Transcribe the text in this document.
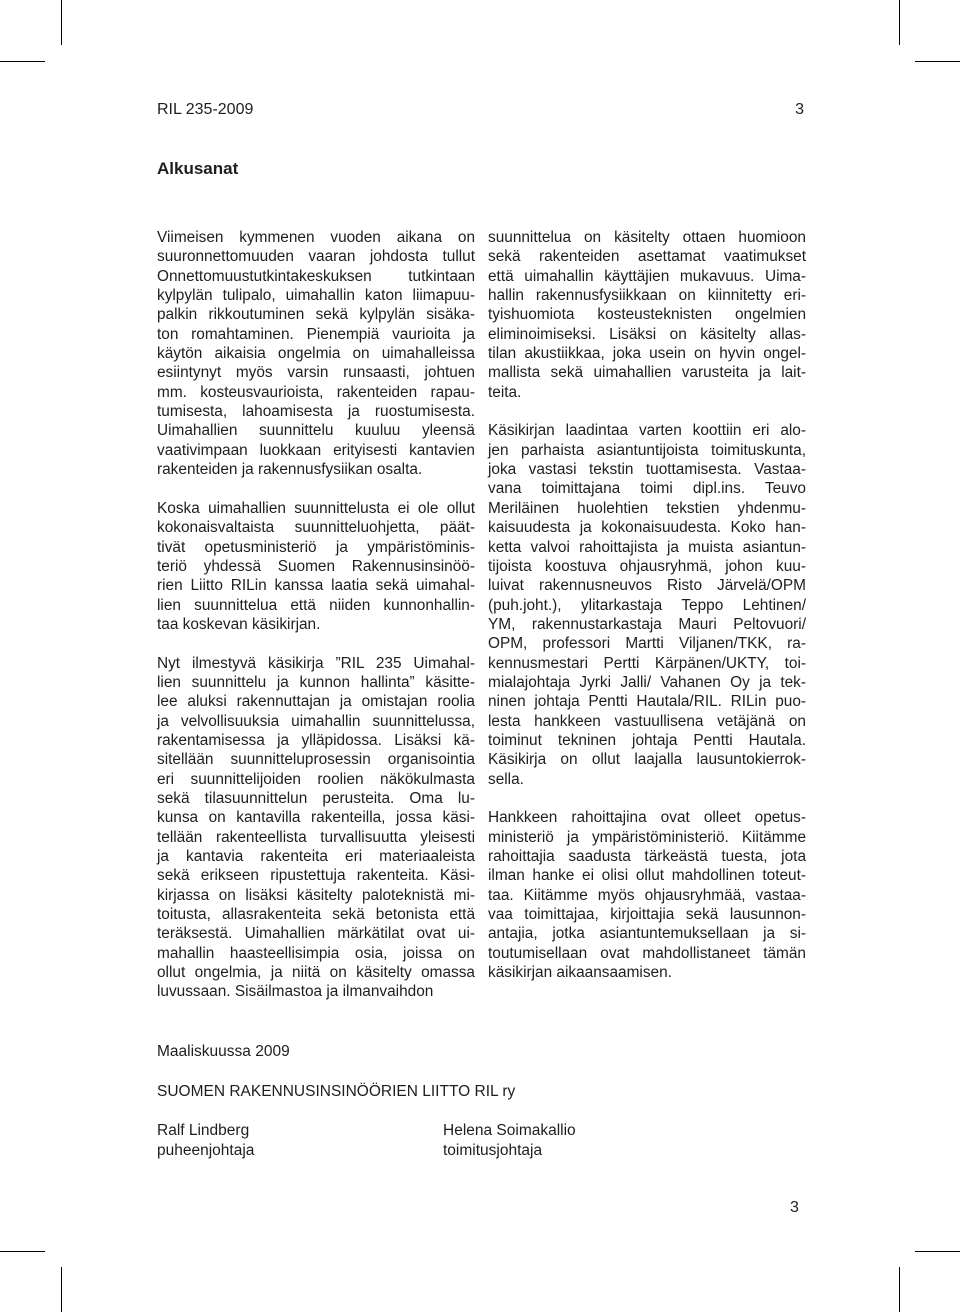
RIL 235-2009	3
Alkusanat
Viimeisen kymmenen vuoden aikana on
suuronnettomuuden vaaran johdosta tullut
Onnettomuustutkintakeskuksen tutkintaan
kylpylän tulipalo, uimahallin katon liimapuu-
palkin rikkoutuminen sekä kylpylän sisäka-
ton romahtaminen. Pienempiä vaurioita ja
käytön aikaisia ongelmia on uimahalleissa
esiintynyt myös varsin runsaasti, johtuen
mm. kosteusvaurioista, rakenteiden rapau-
tumisesta, lahoamisesta ja ruostumisesta.
Uimahallien suunnittelu kuuluu yleensä
vaativimpaan luokkaan erityisesti kantavien
rakenteiden ja rakennusfysiikan osalta.
Koska uimahallien suunnittelusta ei ole ollut
kokonaisvaltaista suunnitteluohjetta, päät-
tivät opetusministeriö ja ympäristöminis-
teriö yhdessä Suomen Rakennusinsinöö-
rien Liitto RILin kanssa laatia sekä uimahal-
lien suunnittelua että niiden kunnonhallin-
taa koskevan käsikirjan.
Nyt ilmestyvä käsikirja ”RIL 235 Uimahal-
lien suunnittelu ja kunnon hallinta” käsitte-
lee aluksi rakennuttajan ja omistajan roolia
ja velvollisuuksia uimahallin suunnittelussa,
rakentamisessa ja ylläpidossa. Lisäksi kä-
sitellään suunnitteluprosessin organisointia
eri suunnittelijoiden roolien näkökulmasta
sekä tilasuunnittelun perusteita. Oma lu-
kunsa on kantavilla rakenteilla, jossa käsi-
tellään rakenteellista turvallisuutta yleisesti
ja kantavia rakenteita eri materiaaleista
sekä erikseen ripustettuja rakenteita. Käsi-
kirjassa on lisäksi käsitelty paloteknistä mi-
toitusta, allasrakenteita sekä betonista että
teräksestä. Uimahallien märkätilat ovat ui-
mahallin haasteellisimpia osia, joissa on
ollut ongelmia, ja niitä on käsitelty omassa
luvussaan. Sisäilmastoa ja ilmanvaihdon
suunnittelua on käsitelty ottaen huomioon
sekä rakenteiden asettamat vaatimukset
että uimahallin käyttäjien mukavuus. Uima-
hallin rakennusfysiikkaan on kiinnitetty eri-
tyishuomiota kosteusteknisten ongelmien
eliminoimiseksi. Lisäksi on käsitelty allas-
tilan akustiikkaa, joka usein on hyvin ongel-
mallista sekä uimahallien varusteita ja lait-
teita.
Käsikirjan laadintaa varten koottiin eri alo-
jen parhaista asiantuntijoista toimituskunta,
joka vastasi tekstin tuottamisesta. Vastaa-
vana toimittajana toimi dipl.ins. Teuvo
Meriläinen huolehtien tekstien yhdenmu-
kaisuudesta ja kokonaisuudesta. Koko han-
ketta valvoi rahoittajista ja muista asiantun-
tijoista koostuva ohjausryhmä, johon kuu-
luivat rakennusneuvos Risto Järvelä/OPM
(puh.joht.), ylitarkastaja Teppo Lehtinen/
YM, rakennustarkastaja Mauri Peltovuori/
OPM, professori Martti Viljanen/TKK, ra-
kennusmestari Pertti Kärpänen/UKTY, toi-
mialajohtaja Jyrki Jalli/ Vahanen Oy ja tek-
ninen johtaja Pentti Hautala/RIL. RILin puo-
lesta hankkeen vastuullisena vetäjänä on
toiminut tekninen johtaja Pentti Hautala.
Käsikirja on ollut laajalla lausuntokierrok-
sella.
Hankkeen rahoittajina ovat olleet opetus-
ministeriö ja ympäristöministeriö. Kiitämme
rahoittajia saadusta tärkeästä tuesta, jota
ilman hanke ei olisi ollut mahdollinen toteut-
taa. Kiitämme myös ohjausryhmää, vastaa-
vaa toimittajaa, kirjoittajia sekä lausunnon-
antajia, jotka asiantuntemuksellaan ja si-
toutumisellaan ovat mahdollistaneet tämän
käsikirjan aikaansaamisen.
Maaliskuussa 2009
SUOMEN RAKENNUSINSINÖÖRIEN LIITTO RIL ry
Ralf Lindberg
puheenjohtaja
Helena Soimakallio
toimitusjohtaja
3
